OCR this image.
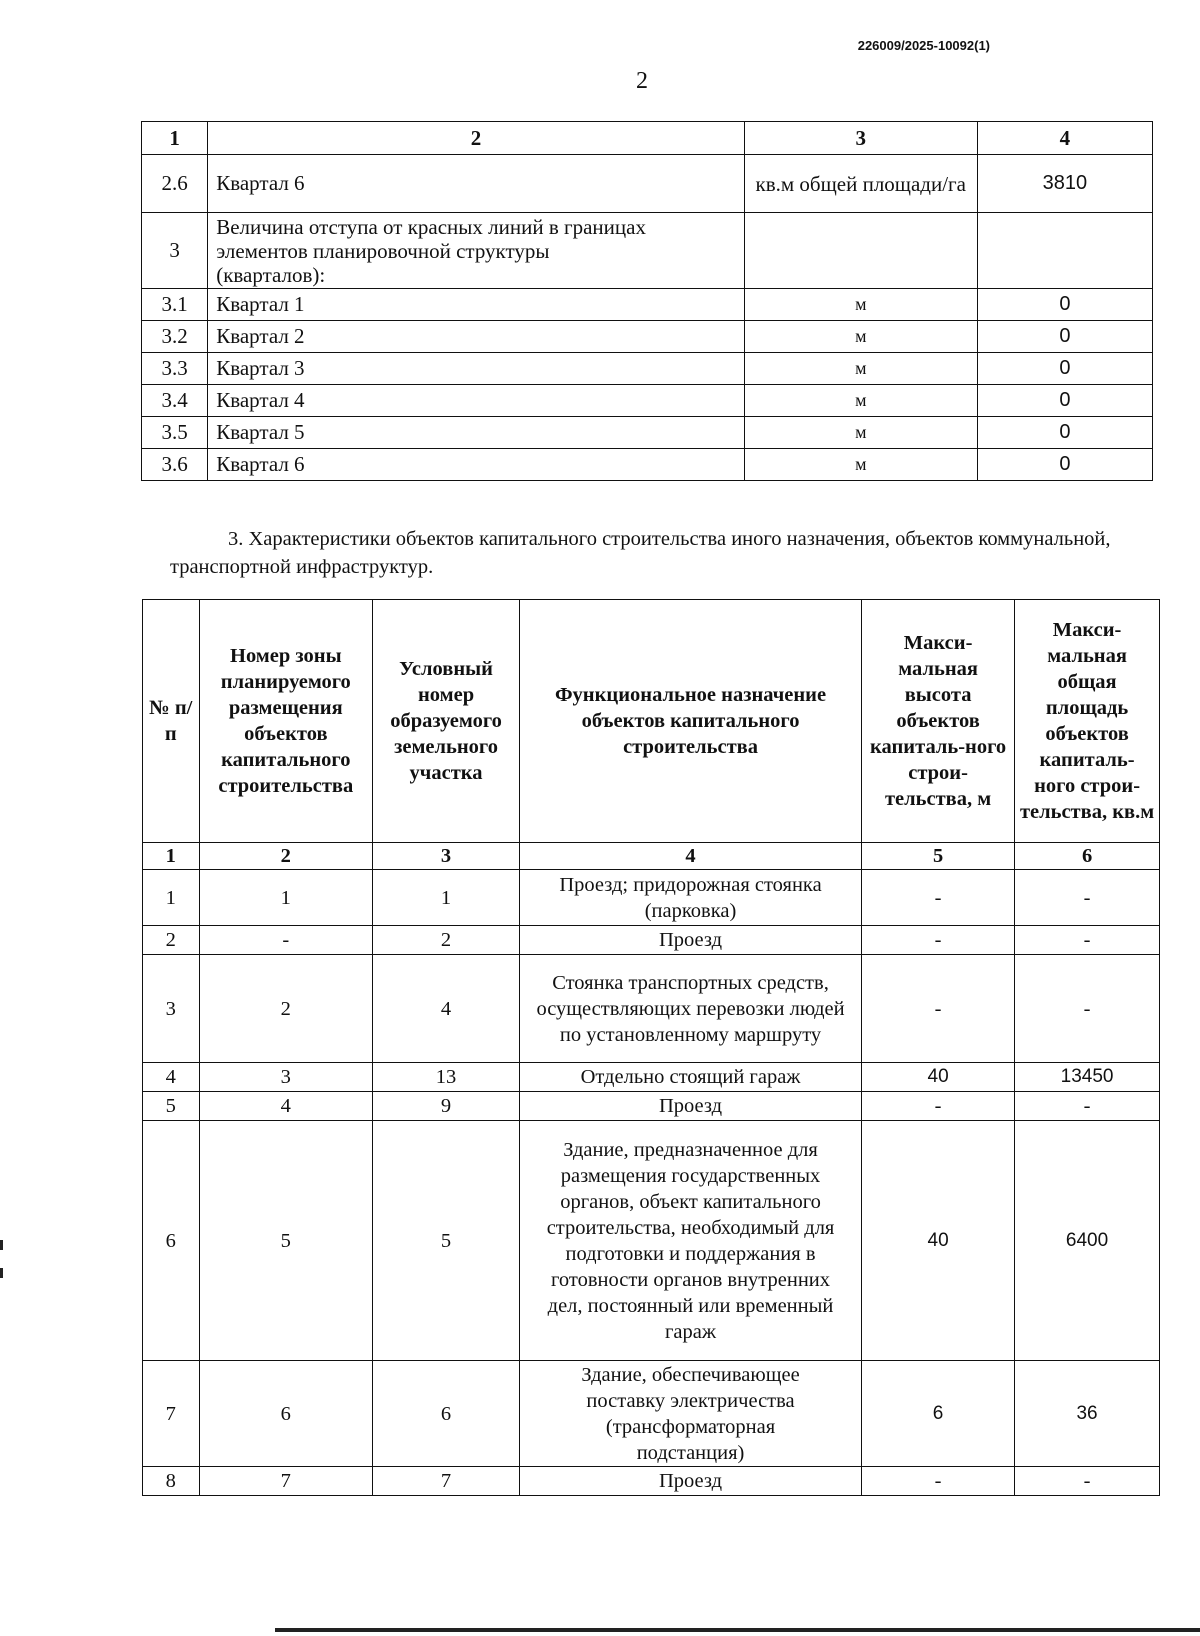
226009/2025-10092(1)
2
1	2	3	4
2.6	Квартал 6	кв.м общей площади/га	3810
3	Величина отступа от красных линий в границах элементов планировочной структуры (кварталов):		
3.1	Квартал 1	м	0
3.2	Квартал 2	м	0
3.3	Квартал 3	м	0
3.4	Квартал 4	м	0
3.5	Квартал 5	м	0
3.6	Квартал 6	м	0
3. Характеристики объектов капитального строительства иного назначения, объектов коммунальной, транспортной инфраструктур.
№ п/п	Номер зоны планируемого размещения объектов капитального строительства	Условный номер образуемого земельного участка	Функциональное назначение объектов капитального строительства	Макси-мальная высота объектов капиталь-ного строи-тельства, м	Макси-мальная общая площадь объектов капиталь-ного строи-тельства, кв.м
1	2	3	4	5	6
1	1	1	Проезд; придорожная стоянка (парковка)	-	-
2	-	2	Проезд	-	-
3	2	4	Стоянка транспортных средств, осуществляющих перевозки людей по установленному маршруту	-	-
4	3	13	Отдельно стоящий гараж	40	13450
5	4	9	Проезд	-	-
6	5	5	Здание, предназначенное для размещения государственных органов, объект капитального строительства, необходимый для подготовки и поддержания в готовности органов внутренних дел, постоянный или временный гараж	40	6400
7	6	6	Здание, обеспечивающее поставку электричества (трансформаторная подстанция)	6	36
8	7	7	Проезд	-	-
